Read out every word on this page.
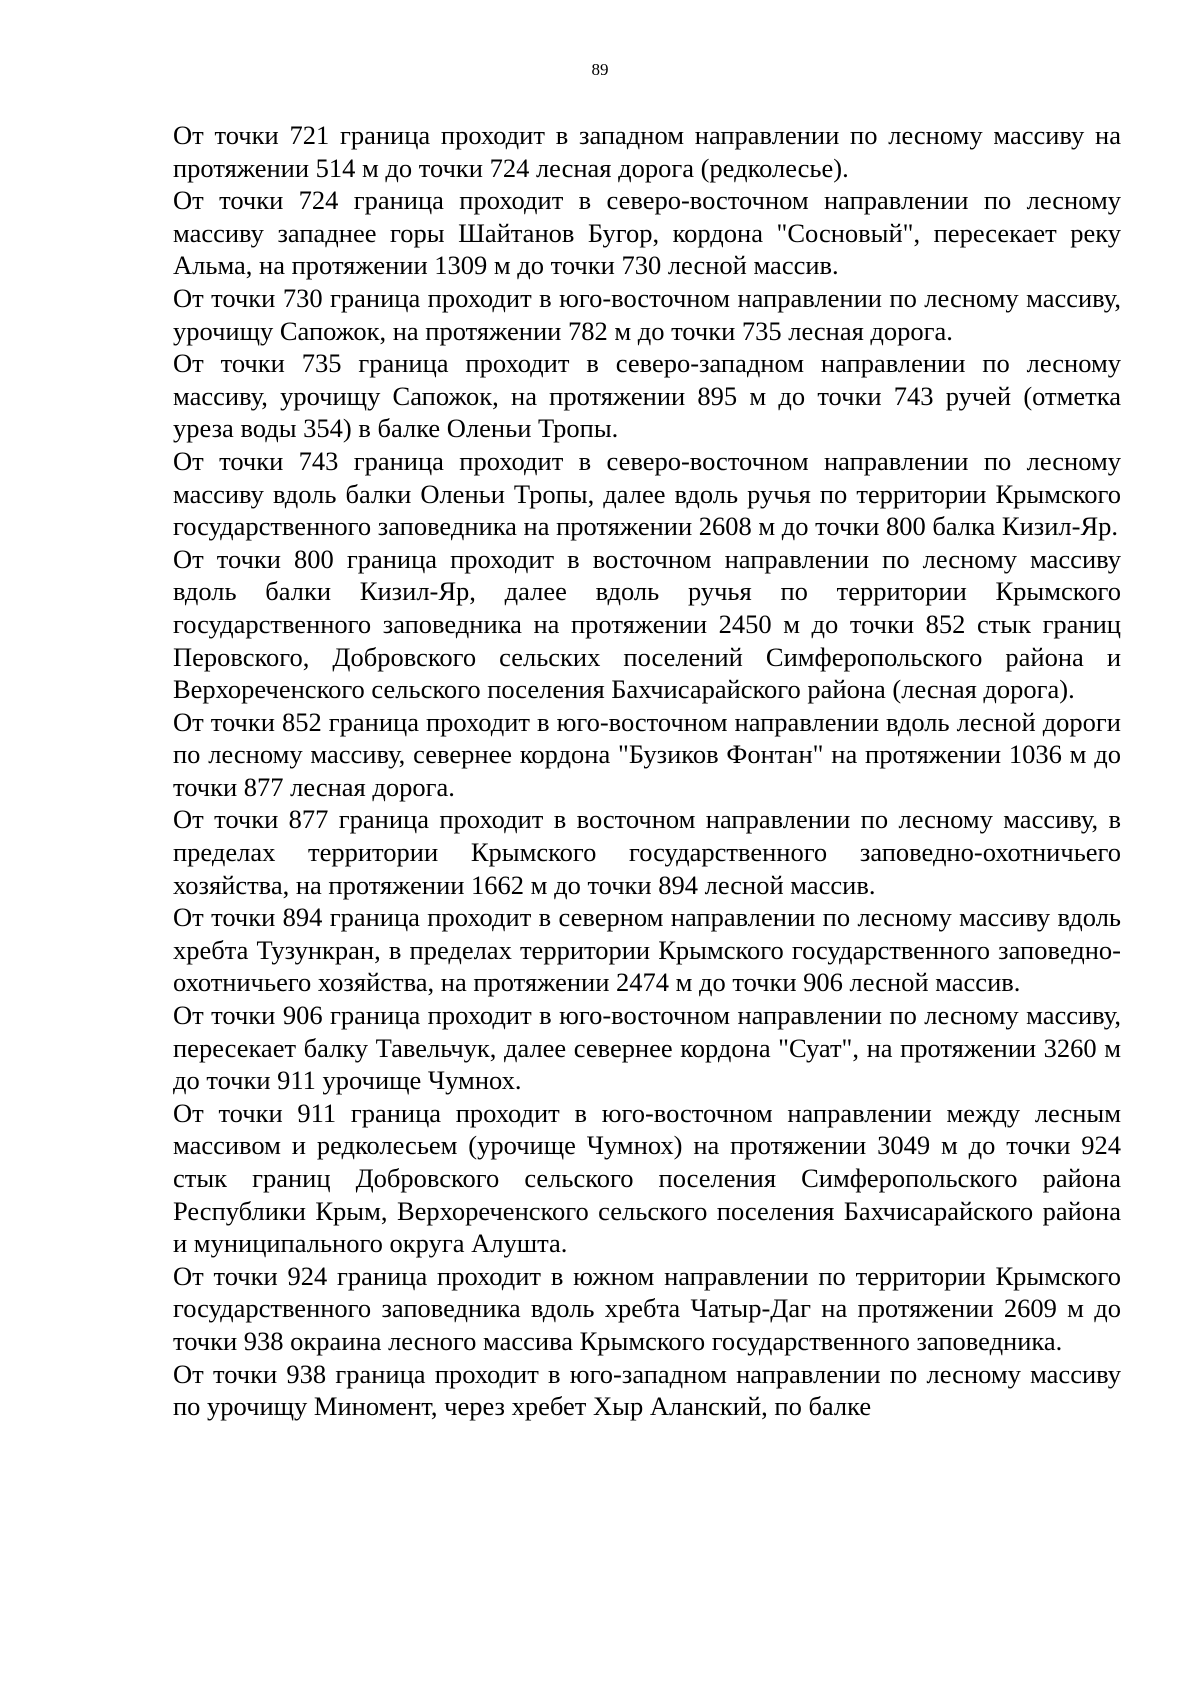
89

От точки 721 граница проходит в западном направлении по лесному массиву на протяжении 514 м до точки 724 лесная дорога (редколесье).

От точки 724 граница проходит в северо-восточном направлении по лесному массиву западнее горы Шайтанов Бугор, кордона "Сосновый", пересекает реку Альма, на протяжении 1309 м до точки 730 лесной массив.

От точки 730 граница проходит в юго-восточном направлении по лесному массиву, урочищу Сапожок, на протяжении 782 м до точки 735 лесная дорога.

От точки 735 граница проходит в северо-западном направлении по лесному массиву, урочищу Сапожок, на протяжении 895 м до точки 743 ручей (отметка уреза воды 354) в балке Оленьи Тропы.

От точки 743 граница проходит в северо-восточном направлении по лесному массиву вдоль балки Оленьи Тропы, далее вдоль ручья по территории Крымского государственного заповедника на протяжении 2608 м до точки 800 балка Кизил-Яр.

От точки 800 граница проходит в восточном направлении по лесному массиву вдоль балки Кизил-Яр, далее вдоль ручья по территории Крымского государственного заповедника на протяжении 2450 м до точки 852 стык границ Перовского, Добровского сельских поселений Симферопольского района и Верхореченского сельского поселения Бахчисарайского района (лесная дорога).

От точки 852 граница проходит в юго-восточном направлении вдоль лесной дороги по лесному массиву, севернее кордона "Бузиков Фонтан" на протяжении 1036 м до точки 877 лесная дорога.

От точки 877 граница проходит в восточном направлении по лесному массиву, в пределах территории Крымского государственного заповедно-охотничьего хозяйства, на протяжении 1662 м до точки 894 лесной массив.

От точки 894 граница проходит в северном направлении по лесному массиву вдоль хребта Тузункран, в пределах территории Крымского государственного заповедно-охотничьего хозяйства, на протяжении 2474 м до точки 906 лесной массив.

От точки 906 граница проходит в юго-восточном направлении по лесному массиву, пересекает балку Тавельчук, далее севернее кордона "Суат", на протяжении 3260 м до точки 911 урочище Чумнох.

От точки 911 граница проходит в юго-восточном направлении между лесным массивом и редколесьем (урочище Чумнох) на протяжении 3049 м до точки 924 стык границ Добровского сельского поселения Симферопольского района Республики Крым, Верхореченского сельского поселения Бахчисарайского района и муниципального округа Алушта.

От точки 924 граница проходит в южном направлении по территории Крымского государственного заповедника вдоль хребта Чатыр-Даг на протяжении 2609 м до точки 938 окраина лесного массива Крымского государственного заповедника.

От точки 938 граница проходит в юго-западном направлении по лесному массиву по урочищу Миномент, через хребет Хыр Аланский, по балке
